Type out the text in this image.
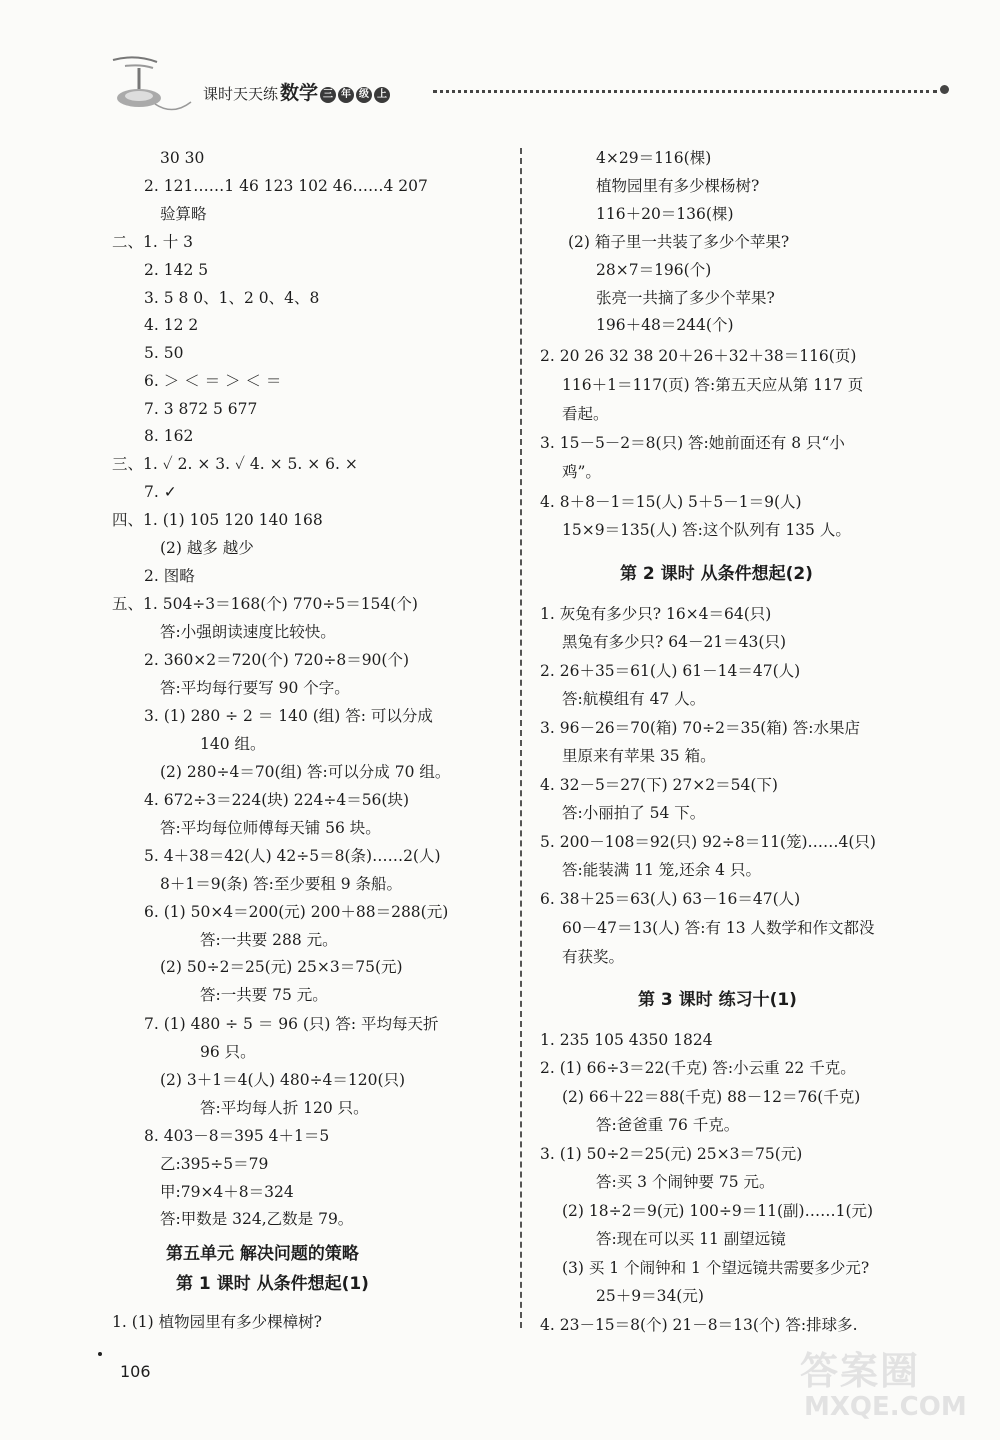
课时天天练 数学 三 年 级 上
30 30
2. 121……1 46 123 102 46……4 207
验算略
二、1. 十 3
2. 142 5
3. 5 8 0、1、2 0、4、8
4. 12 2
5. 50
6. ＞ ＜ ＝ ＞ ＜ ＝
7. 3 872 5 677
8. 162
三、1. ✓ 2. × 3. ✓ 4. × 5. × 6. ×
7. ✓
四、1. (1) 105 120 140 168
(2) 越多 越少
2. 图略
五、1. 504÷3＝168(个) 770÷5＝154(个)
答:小强朗读速度比较快。
2. 360×2＝720(个) 720÷8＝90(个)
答:平均每行要写 90 个字。
3. (1) 280 ÷ 2 ＝ 140 (组) 答: 可以分成
140 组。
(2) 280÷4＝70(组) 答:可以分成 70 组。
4. 672÷3＝224(块) 224÷4＝56(块)
答:平均每位师傅每天铺 56 块。
5. 4＋38＝42(人) 42÷5＝8(条)……2(人)
8＋1＝9(条) 答:至少要租 9 条船。
6. (1) 50×4＝200(元) 200＋88＝288(元)
答:一共要 288 元。
(2) 50÷2＝25(元) 25×3＝75(元)
答:一共要 75 元。
7. (1) 480 ÷ 5 ＝ 96 (只) 答: 平均每天折
96 只。
(2) 3＋1＝4(人) 480÷4＝120(只)
答:平均每人折 120 只。
8. 403－8＝395 4＋1＝5
乙:395÷5＝79
甲:79×4＋8＝324
答:甲数是 324,乙数是 79。
第五单元 解决问题的策略
第 1 课时 从条件想起(1)
1. (1) 植物园里有多少棵樟树?
4×29＝116(棵)
植物园里有多少棵杨树?
116＋20＝136(棵)
(2) 箱子里一共装了多少个苹果?
28×7＝196(个)
张亮一共摘了多少个苹果?
196＋48＝244(个)
2. 20 26 32 38 20＋26＋32＋38＝116(页)
116＋1＝117(页) 答:第五天应从第 117 页
看起。
3. 15－5－2＝8(只) 答:她前面还有 8 只“小
鸡”。
4. 8＋8－1＝15(人) 5＋5－1＝9(人)
15×9＝135(人) 答:这个队列有 135 人。
第 2 课时 从条件想起(2)
1. 灰兔有多少只? 16×4＝64(只)
黑兔有多少只? 64－21＝43(只)
2. 26＋35＝61(人) 61－14＝47(人)
答:航模组有 47 人。
3. 96－26＝70(箱) 70÷2＝35(箱) 答:水果店
里原来有苹果 35 箱。
4. 32－5＝27(下) 27×2＝54(下)
答:小丽拍了 54 下。
5. 200－108＝92(只) 92÷8＝11(笼)……4(只)
答:能装满 11 笼,还余 4 只。
6. 38＋25＝63(人) 63－16＝47(人)
60－47＝13(人) 答:有 13 人数学和作文都没
有获奖。
第 3 课时 练习十(1)
1. 235 105 4350 1824
2. (1) 66÷3＝22(千克) 答:小云重 22 千克。
(2) 66＋22＝88(千克) 88－12＝76(千克)
答:爸爸重 76 千克。
3. (1) 50÷2＝25(元) 25×3＝75(元)
答:买 3 个闹钟要 75 元。
(2) 18÷2＝9(元) 100÷9＝11(副)……1(元)
答:现在可以买 11 副望远镜
(3) 买 1 个闹钟和 1 个望远镜共需要多少元?
25＋9＝34(元)
4. 23－15＝8(个) 21－8＝13(个) 答:排球多.
106	答案圈
MXQE.COM
